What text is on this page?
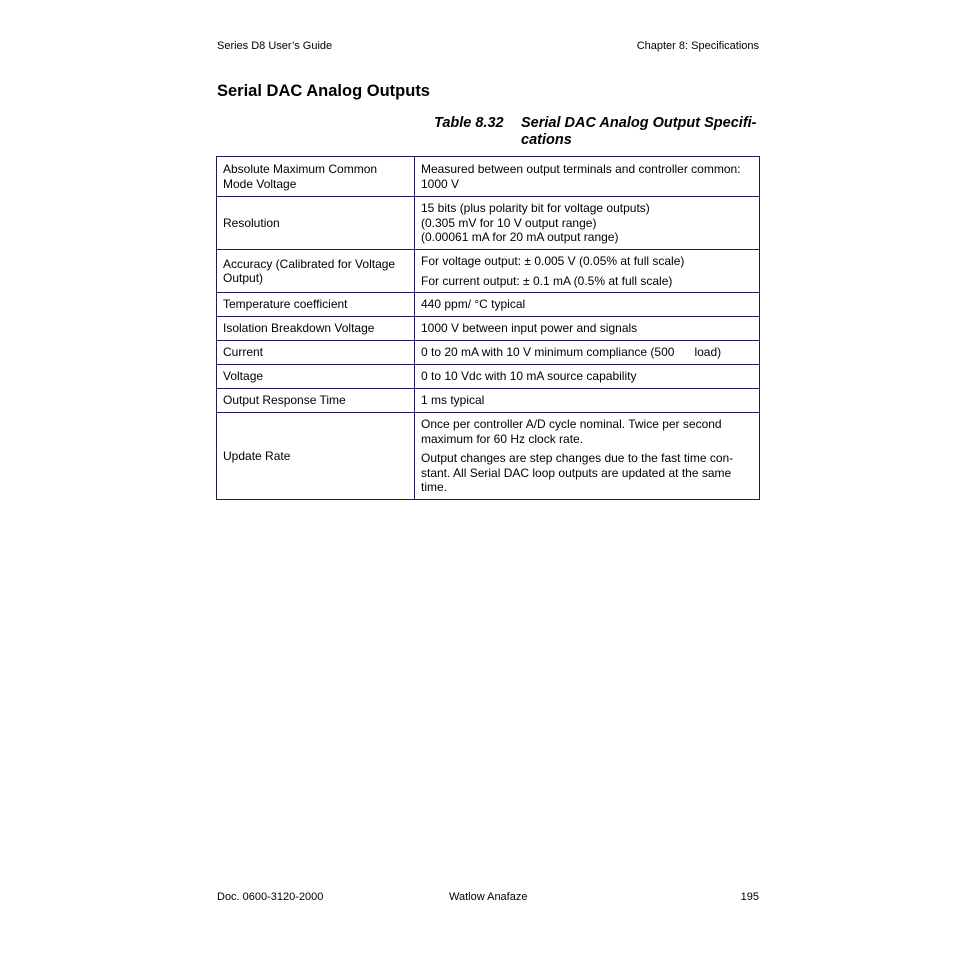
Series D8 User’s Guide	Chapter 8: Specifications
Serial DAC Analog Outputs
Table 8.32 Serial DAC Analog Output Specifi-
cations
Absolute Maximum Common Mode Voltage	Measured between output terminals and controller common: 1000 V

Resolution	15 bits (plus polarity bit for voltage outputs)
(0.305 mV for 10 V output range)
(0.00061 mA for 20 mA output range)

Accuracy (Calibrated for Voltage Output)	For voltage output: ± 0.005 V (0.05% at full scale)

For current output: ± 0.1 mA (0.5% at full scale)

Temperature coefficient	440 ppm/ °C typical

Isolation Breakdown Voltage	1000 V between input power and signals

Current	0 to 20 mA with 10 V minimum compliance (500      load)

Voltage	0 to 10 Vdc with 10 mA source capability

Output Response Time	1 ms typical

Update Rate	Once per controller A/D cycle nominal. Twice per second maximum for 60 Hz clock rate.

Output changes are step changes due to the fast time con-stant. All Serial DAC loop outputs are updated at the same time.

Doc. 0600-3120-2000	Watlow Anafaze	195
